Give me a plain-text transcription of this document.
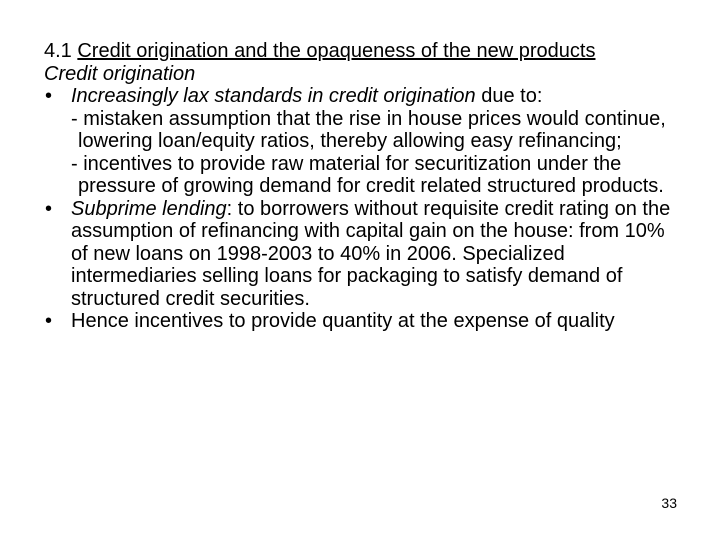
4.1 Credit origination and the opaqueness of the new products
Credit origination
• Increasingly lax standards in credit origination due to:
- mistaken assumption that the rise in house prices would continue, lowering loan/equity ratios, thereby allowing easy refinancing;
- incentives to provide raw material for securitization under the pressure of growing demand for credit related structured products.
• Subprime lending: to borrowers without requisite credit rating on the assumption of refinancing with capital gain on the house: from 10% of new loans on 1998-2003 to 40% in 2006. Specialized intermediaries selling loans for packaging to satisfy demand of structured credit securities.
• Hence incentives to provide quantity at the expense of quality
33
